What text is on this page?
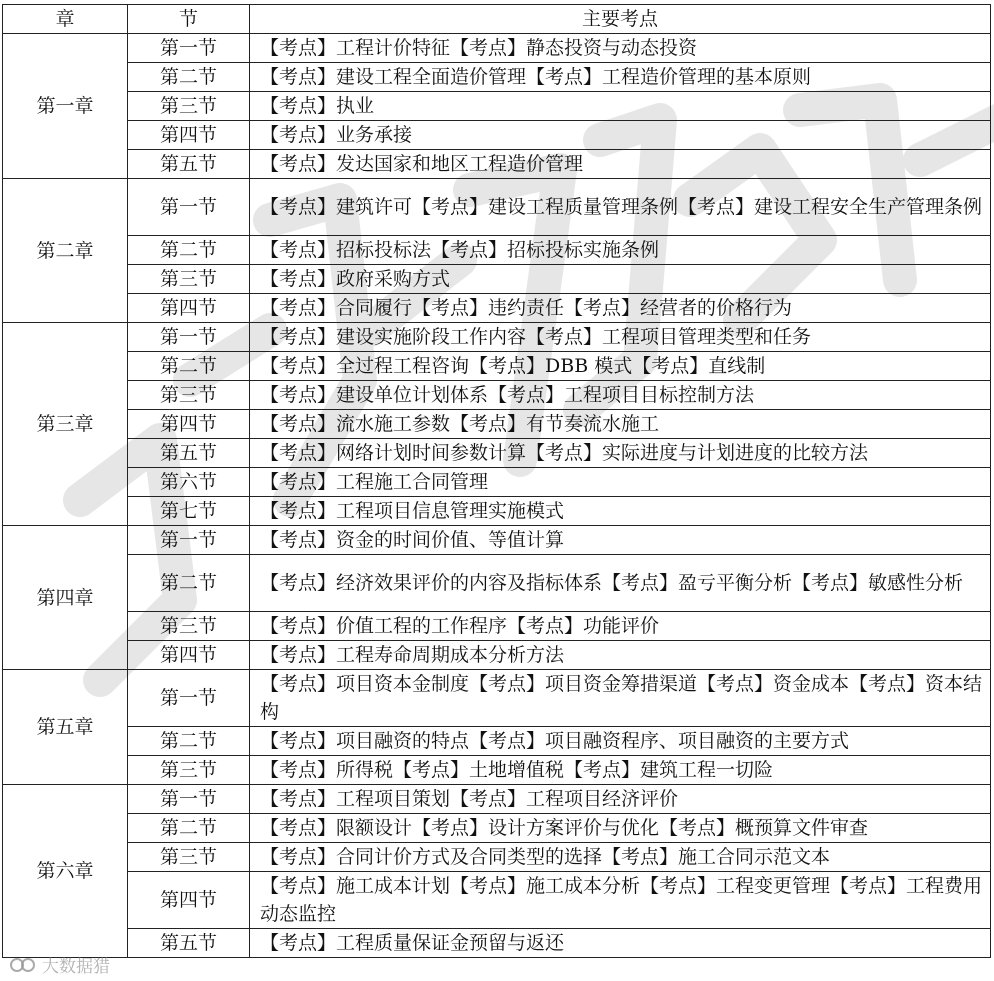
章	节	主要考点
第一章	第一节	【考点】工程计价特征【考点】静态投资与动态投资
	第二节	【考点】建设工程全面造价管理【考点】工程造价管理的基本原则
	第三节	【考点】执业
	第四节	【考点】业务承接
	第五节	【考点】发达国家和地区工程造价管理
第二章	第一节	【考点】建筑许可【考点】建设工程质量管理条例【考点】建设工程安全生产管理条例
	第二节	【考点】招标投标法【考点】招标投标实施条例
	第三节	【考点】政府采购方式
	第四节	【考点】合同履行【考点】违约责任【考点】经营者的价格行为
第三章	第一节	【考点】建设实施阶段工作内容【考点】工程项目管理类型和任务
	第二节	【考点】全过程工程咨询【考点】DBB 模式【考点】直线制
	第三节	【考点】建设单位计划体系【考点】工程项目目标控制方法
	第四节	【考点】流水施工参数【考点】有节奏流水施工
	第五节	【考点】网络计划时间参数计算【考点】实际进度与计划进度的比较方法
	第六节	【考点】工程施工合同管理
	第七节	【考点】工程项目信息管理实施模式
第四章	第一节	【考点】资金的时间价值、等值计算
	第二节	【考点】经济效果评价的内容及指标体系【考点】盈亏平衡分析【考点】敏感性分析
	第三节	【考点】价值工程的工作程序【考点】功能评价
	第四节	【考点】工程寿命周期成本分析方法
第五章	第一节	【考点】项目资本金制度【考点】项目资金筹措渠道【考点】资金成本【考点】资本结构
	第二节	【考点】项目融资的特点【考点】项目融资程序、项目融资的主要方式
	第三节	【考点】所得税【考点】土地增值税【考点】建筑工程一切险
第六章	第一节	【考点】工程项目策划【考点】工程项目经济评价
	第二节	【考点】限额设计【考点】设计方案评价与优化【考点】概预算文件审查
	第三节	【考点】合同计价方式及合同类型的选择【考点】施工合同示范文本
	第四节	【考点】施工成本计划【考点】施工成本分析【考点】工程变更管理【考点】工程费用动态监控
	第五节	【考点】工程质量保证金预留与返还
大数据猎
